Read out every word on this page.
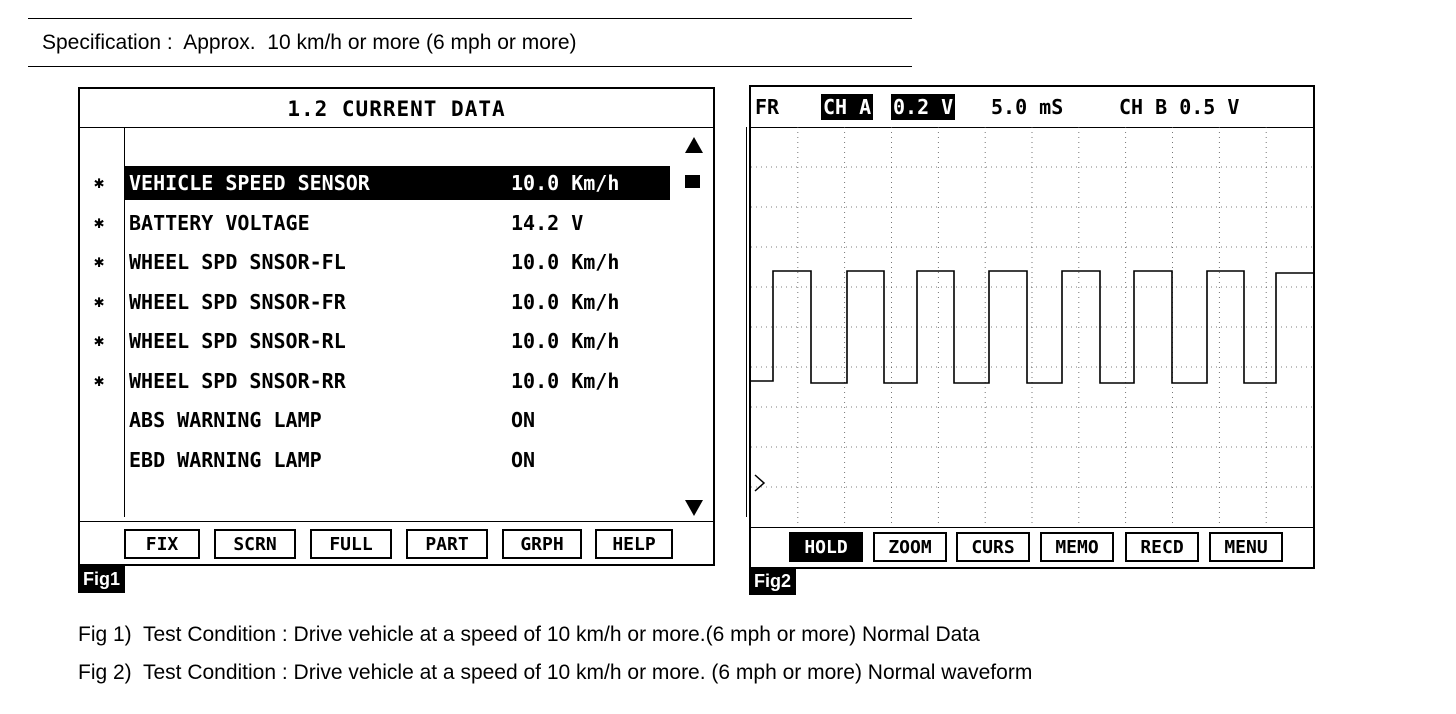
Specification :  Approx.  10 km/h or more (6 mph or more)
1.2 CURRENT DATA
✱
✱
✱
✱
✱
✱
VEHICLE SPEED SENSOR	10.0 Km/h
BATTERY VOLTAGE	14.2 V
WHEEL SPD SNSOR-FL	10.0 Km/h
WHEEL SPD SNSOR-FR	10.0 Km/h
WHEEL SPD SNSOR-RL	10.0 Km/h
WHEEL SPD SNSOR-RR	10.0 Km/h
ABS WARNING LAMP	ON
EBD WARNING LAMP	ON
FIX	SCRN	FULL	PART	GRPH	HELP
Fig1
FR CH A 0.2 V 5.0 mS	CH B 0.5 V
HOLD	ZOOM	CURS	MEMO	RECD	MENU
Fig2
Fig 1)  Test Condition : Drive vehicle at a speed of 10 km/h or more.(6 mph or more) Normal Data
Fig 2)  Test Condition : Drive vehicle at a speed of 10 km/h or more. (6 mph or more) Normal waveform
